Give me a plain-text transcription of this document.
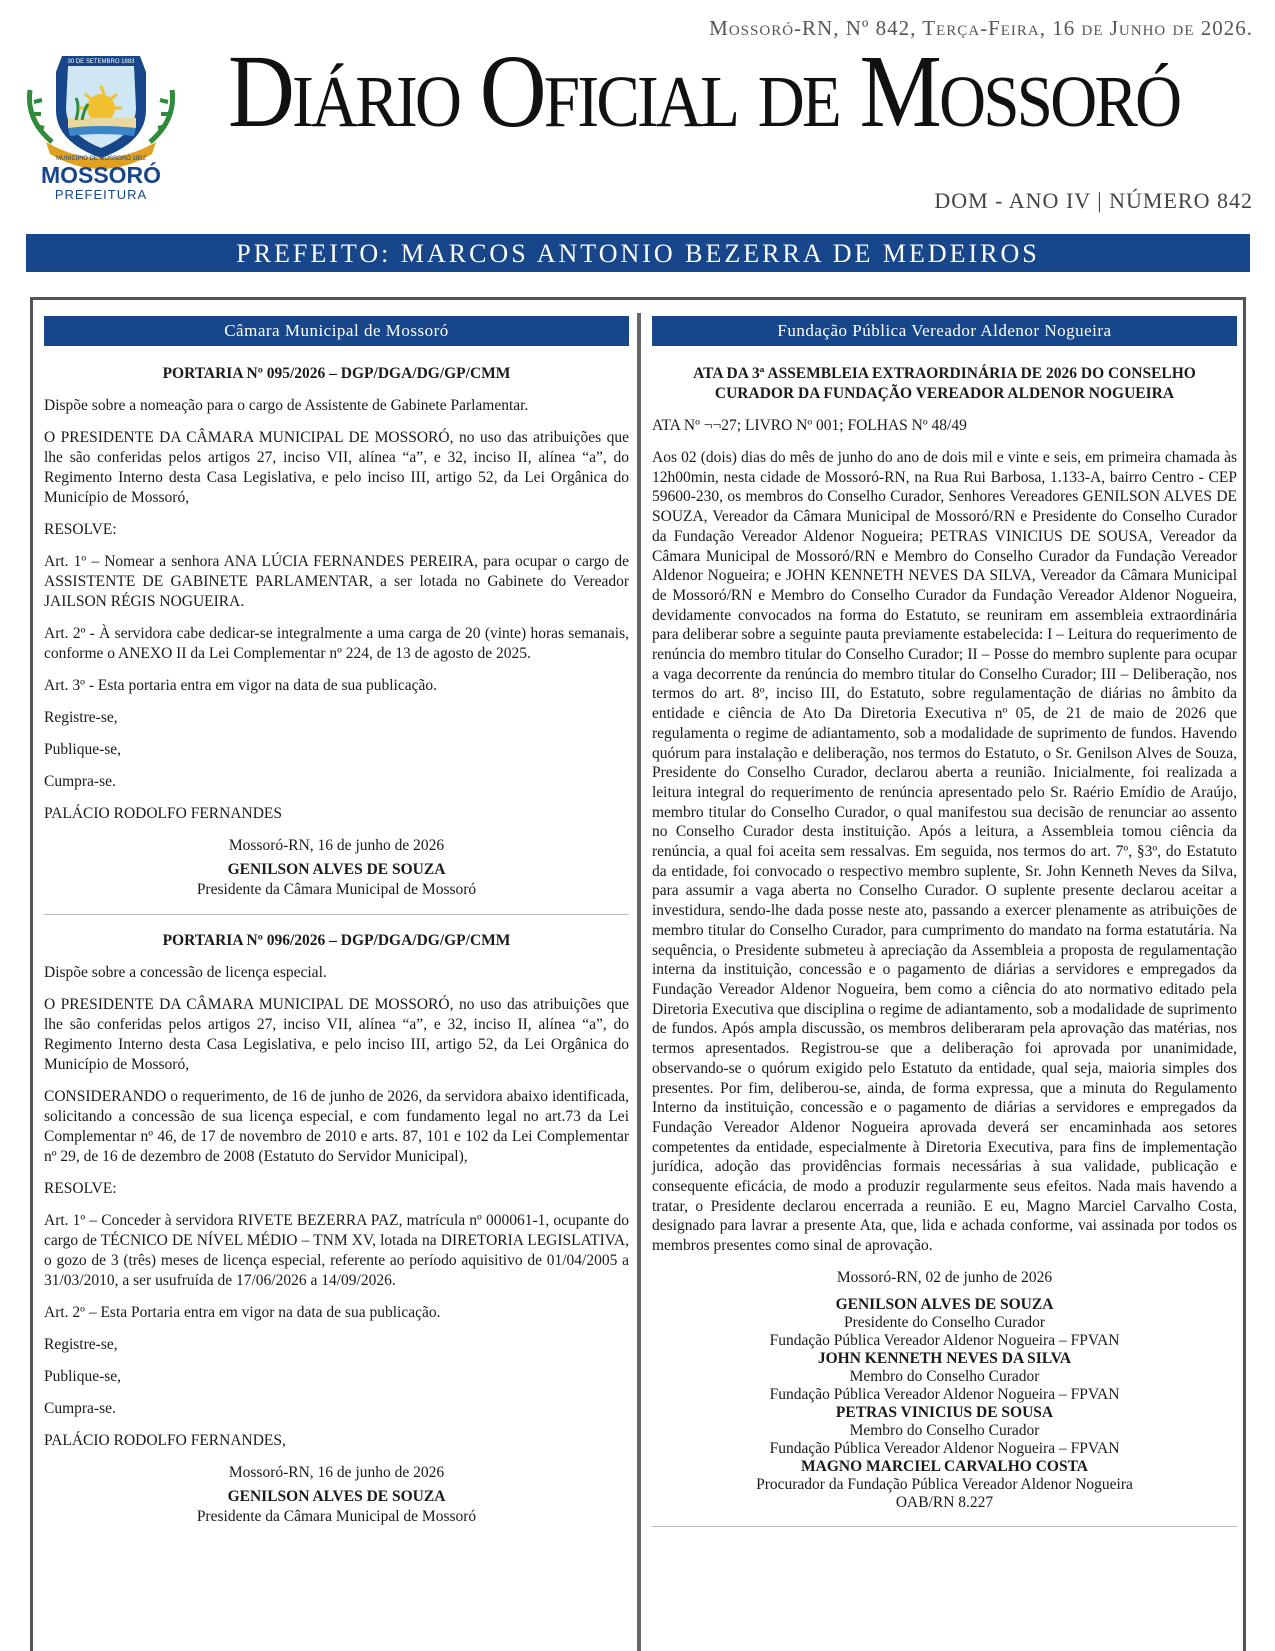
Mossoró-RN, Nº 842, Terça-Feira, 16 de Junho de 2026.
30 DE SETEMBRO 1883
MUNICÍPIO DE MOSSORÓ 1852
MOSSORÓ
PREFEITURA
Diário Oficial de Mossoró
DOM - ANO IV | NÚMERO 842
PREFEITO: MARCOS ANTONIO BEZERRA DE MEDEIROS
Câmara Municipal de Mossoró

PORTARIA Nº 095/2026 – DGP/DGA/DG/GP/CMM

Dispõe sobre a nomeação para o cargo de Assistente de Gabinete Parlamentar.

O PRESIDENTE DA CÂMARA MUNICIPAL DE MOSSORÓ, no uso das atribuições que lhe são conferidas pelos artigos 27, inciso VII, alínea “a”, e 32, inciso II, alínea “a”, do Regimento Interno desta Casa Legislativa, e pelo inciso III, artigo 52, da Lei Orgânica do Município de Mossoró,

RESOLVE:

Art. 1º – Nomear a senhora ANA LÚCIA FERNANDES PEREIRA, para ocupar o cargo de ASSISTENTE DE GABINETE PARLAMENTAR, a ser lotada no Gabinete do Vereador JAILSON RÉGIS NOGUEIRA.

Art. 2º - À servidora cabe dedicar-se integralmente a uma carga de 20 (vinte) horas semanais, conforme o ANEXO II da Lei Complementar nº 224, de 13 de agosto de 2025.

Art. 3º - Esta portaria entra em vigor na data de sua publicação.

Registre-se,

Publique-se,

Cumpra-se.

PALÁCIO RODOLFO FERNANDES

Mossoró-RN, 16 de junho de 2026

GENILSON ALVES DE SOUZA

Presidente da Câmara Municipal de Mossoró

PORTARIA Nº 096/2026 – DGP/DGA/DG/GP/CMM

Dispõe sobre a concessão de licença especial.

O PRESIDENTE DA CÂMARA MUNICIPAL DE MOSSORÓ, no uso das atribuições que lhe são conferidas pelos artigos 27, inciso VII, alínea “a”, e 32, inciso II, alínea “a”, do Regimento Interno desta Casa Legislativa, e pelo inciso III, artigo 52, da Lei Orgânica do Município de Mossoró,

CONSIDERANDO o requerimento, de 16 de junho de 2026, da servidora abaixo identificada, solicitando a concessão de sua licença especial, e com fundamento legal no art.73 da Lei Complementar nº 46, de 17 de novembro de 2010 e arts. 87, 101 e 102 da Lei Complementar nº 29, de 16 de dezembro de 2008 (Estatuto do Servidor Municipal),

RESOLVE:

Art. 1º – Conceder à servidora RIVETE BEZERRA PAZ, matrícula nº 000061-1, ocupante do cargo de TÉCNICO DE NÍVEL MÉDIO – TNM XV, lotada na DIRETORIA LEGISLATIVA, o gozo de 3 (três) meses de licença especial, referente ao período aquisitivo de 01/04/2005 a 31/03/2010, a ser usufruída de 17/06/2026 a 14/09/2026.

Art. 2º – Esta Portaria entra em vigor na data de sua publicação.

Registre-se,

Publique-se,

Cumpra-se.

PALÁCIO RODOLFO FERNANDES,

Mossoró-RN, 16 de junho de 2026

GENILSON ALVES DE SOUZA

Presidente da Câmara Municipal de Mossoró

Fundação Pública Vereador Aldenor Nogueira

ATA DA 3ª ASSEMBLEIA EXTRAORDINÁRIA DE 2026 DO CONSELHO CURADOR DA FUNDAÇÃO VEREADOR ALDENOR NOGUEIRA

ATA Nº ¬¬27; LIVRO Nº 001; FOLHAS Nº 48/49

Aos 02 (dois) dias do mês de junho do ano de dois mil e vinte e seis, em primeira chamada às 12h00min, nesta cidade de Mossoró-RN, na Rua Rui Barbosa, 1.133-A, bairro Centro - CEP 59600-230, os membros do Conselho Curador, Senhores Vereadores GENILSON ALVES DE SOUZA, Vereador da Câmara Municipal de Mossoró/RN e Presidente do Conselho Curador da Fundação Vereador Aldenor Nogueira; PETRAS VINICIUS DE SOUSA, Vereador da Câmara Municipal de Mossoró/RN e Membro do Conselho Curador da Fundação Vereador Aldenor Nogueira; e JOHN KENNETH NEVES DA SILVA, Vereador da Câmara Municipal de Mossoró/RN e Membro do Conselho Curador da Fundação Vereador Aldenor Nogueira, devidamente convocados na forma do Estatuto, se reuniram em assembleia extraordinária para deliberar sobre a seguinte pauta previamente estabelecida: I – Leitura do requerimento de renúncia do membro titular do Conselho Curador; II – Posse do membro suplente para ocupar a vaga decorrente da renúncia do membro titular do Conselho Curador; III – Deliberação, nos termos do art. 8º, inciso III, do Estatuto, sobre regulamentação de diárias no âmbito da entidade e ciência de Ato Da Diretoria Executiva nº 05, de 21 de maio de 2026 que regulamenta o regime de adiantamento, sob a modalidade de suprimento de fundos. Havendo quórum para instalação e deliberação, nos termos do Estatuto, o Sr. Genilson Alves de Souza, Presidente do Conselho Curador, declarou aberta a reunião. Inicialmente, foi realizada a leitura integral do requerimento de renúncia apresentado pelo Sr. Raério Emídio de Araújo, membro titular do Conselho Curador, o qual manifestou sua decisão de renunciar ao assento no Conselho Curador desta instituição. Após a leitura, a Assembleia tomou ciência da renúncia, a qual foi aceita sem ressalvas. Em seguida, nos termos do art. 7º, §3º, do Estatuto da entidade, foi convocado o respectivo membro suplente, Sr. John Kenneth Neves da Silva, para assumir a vaga aberta no Conselho Curador. O suplente presente declarou aceitar a investidura, sendo-lhe dada posse neste ato, passando a exercer plenamente as atribuições de membro titular do Conselho Curador, para cumprimento do mandato na forma estatutária. Na sequência, o Presidente submeteu à apreciação da Assembleia a proposta de regulamentação interna da instituição, concessão e o pagamento de diárias a servidores e empregados da Fundação Vereador Aldenor Nogueira, bem como a ciência do ato normativo editado pela Diretoria Executiva que disciplina o regime de adiantamento, sob a modalidade de suprimento de fundos. Após ampla discussão, os membros deliberaram pela aprovação das matérias, nos termos apresentados. Registrou-se que a deliberação foi aprovada por unanimidade, observando-se o quórum exigido pelo Estatuto da entidade, qual seja, maioria simples dos presentes. Por fim, deliberou-se, ainda, de forma expressa, que a minuta do Regulamento Interno da instituição, concessão e o pagamento de diárias a servidores e empregados da Fundação Vereador Aldenor Nogueira aprovada deverá ser encaminhada aos setores competentes da entidade, especialmente à Diretoria Executiva, para fins de implementação jurídica, adoção das providências formais necessárias à sua validade, publicação e consequente eficácia, de modo a produzir regularmente seus efeitos. Nada mais havendo a tratar, o Presidente declarou encerrada a reunião. E eu, Magno Marciel Carvalho Costa, designado para lavrar a presente Ata, que, lida e achada conforme, vai assinada por todos os membros presentes como sinal de aprovação.

Mossoró-RN, 02 de junho de 2026

GENILSON ALVES DE SOUZA

Presidente do Conselho Curador

Fundação Pública Vereador Aldenor Nogueira – FPVAN

JOHN KENNETH NEVES DA SILVA

Membro do Conselho Curador

Fundação Pública Vereador Aldenor Nogueira – FPVAN

PETRAS VINICIUS DE SOUSA

Membro do Conselho Curador

Fundação Pública Vereador Aldenor Nogueira – FPVAN

MAGNO MARCIEL CARVALHO COSTA

Procurador da Fundação Pública Vereador Aldenor Nogueira

OAB/RN 8.227
